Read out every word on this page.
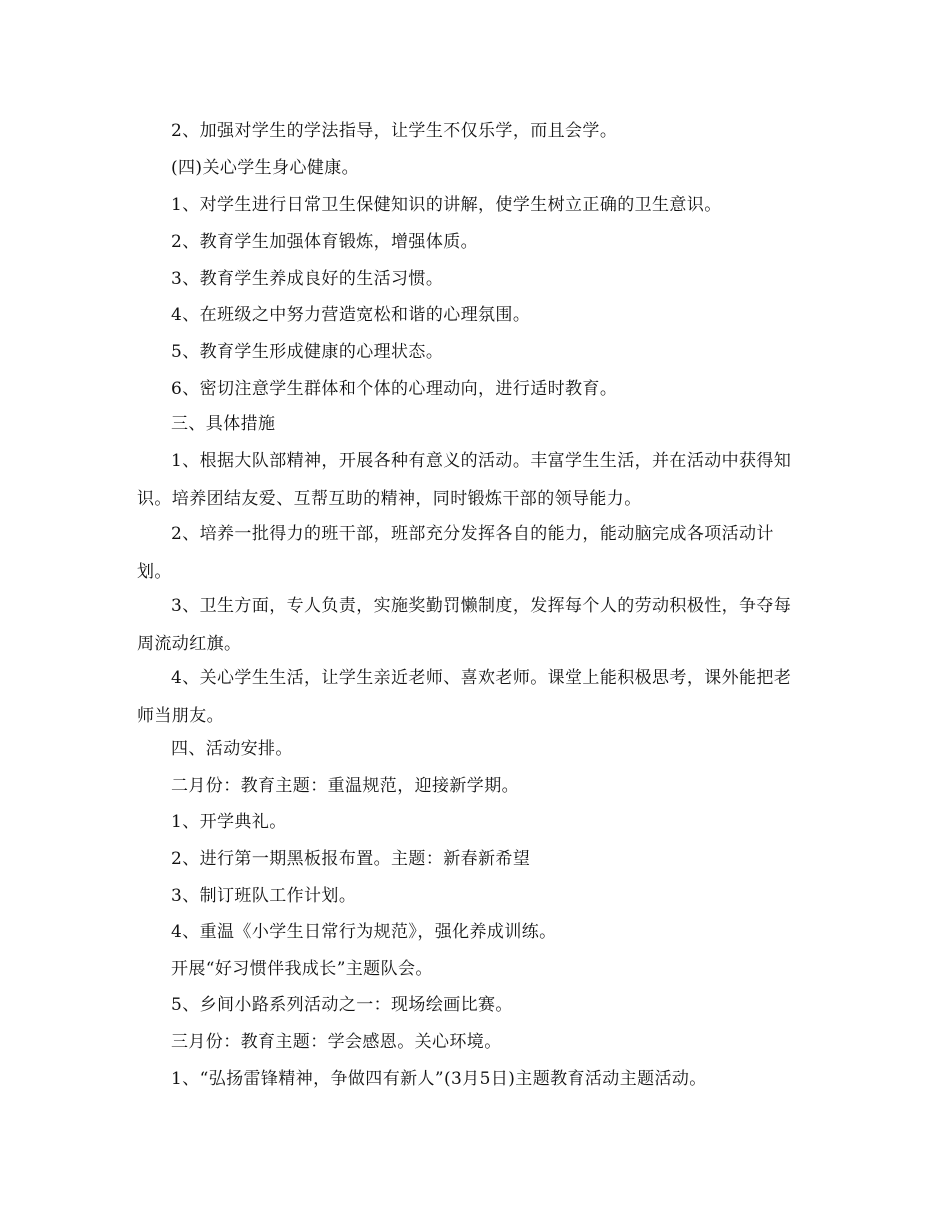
2、加强对学生的学法指导，让学生不仅乐学，而且会学。

(四)关心学生身心健康。

1、对学生进行日常卫生保健知识的讲解，使学生树立正确的卫生意识。

2、教育学生加强体育锻炼，增强体质。

3、教育学生养成良好的生活习惯。

4、在班级之中努力营造宽松和谐的心理氛围。

5、教育学生形成健康的心理状态。

6、密切注意学生群体和个体的心理动向，进行适时教育。

三、具体措施

1、根据大队部精神，开展各种有意义的活动。丰富学生生活，并在活动中获得知识。培养团结友爱、互帮互助的精神，同时锻炼干部的领导能力。

2、培养一批得力的班干部，班部充分发挥各自的能力，能动脑完成各项活动计划。

3、卫生方面，专人负责，实施奖勤罚懒制度，发挥每个人的劳动积极性，争夺每周流动红旗。

4、关心学生生活，让学生亲近老师、喜欢老师。课堂上能积极思考，课外能把老师当朋友。

四、活动安排。

二月份：教育主题：重温规范，迎接新学期。

1、开学典礼。

2、进行第一期黑板报布置。主题：新春新希望

3、制订班队工作计划。

4、重温《小学生日常行为规范》，强化养成训练。

开展“好习惯伴我成长”主题队会。

5、乡间小路系列活动之一：现场绘画比赛。

三月份：教育主题：学会感恩。关心环境。

1、“弘扬雷锋精神，争做四有新人”(3月5日)主题教育活动主题活动。
